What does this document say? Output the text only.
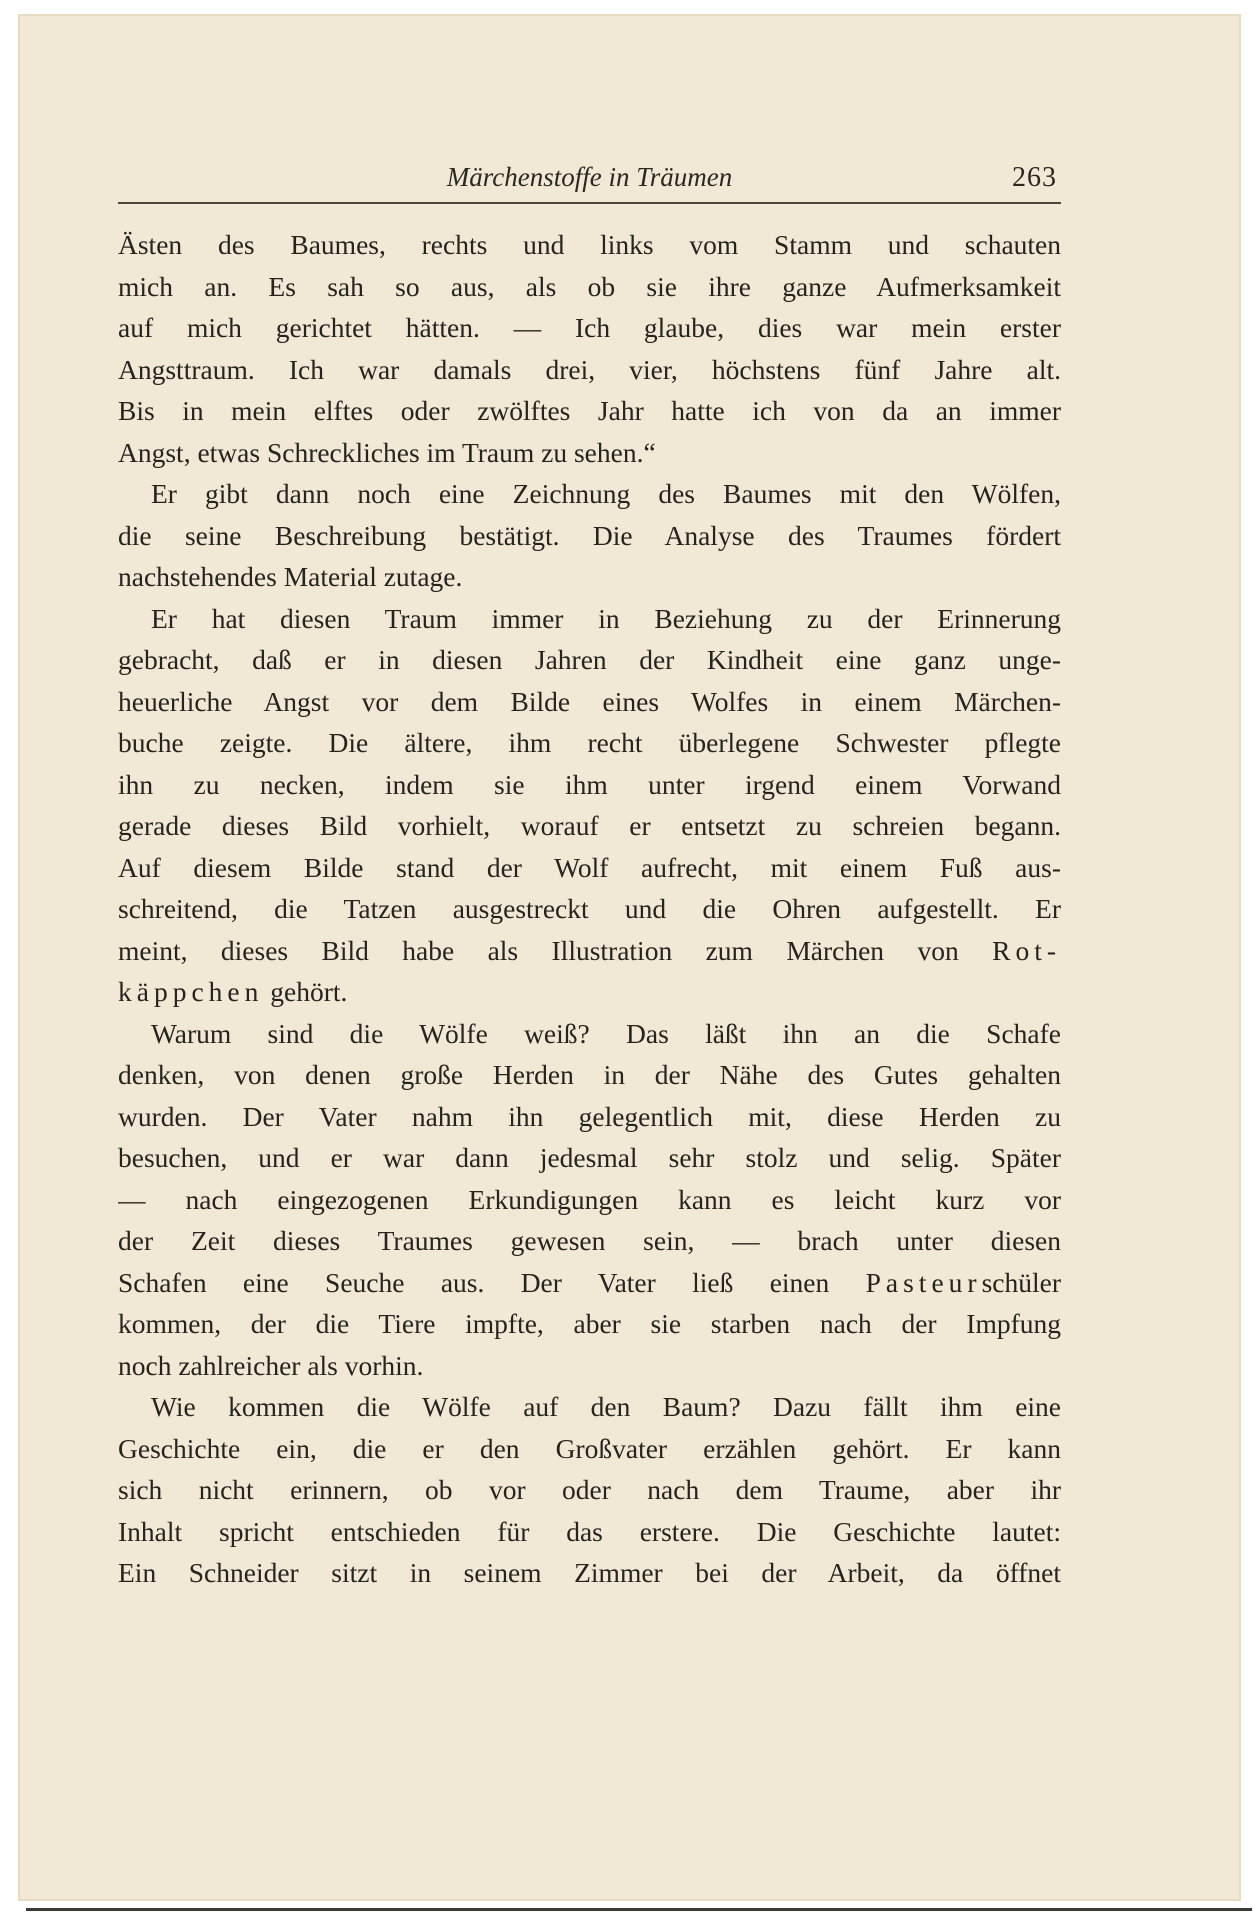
Märchenstoffe in Träumen	263
Ästen des Baumes, rechts und links vom Stamm und schauten
mich an. Es sah so aus, als ob sie ihre ganze Aufmerksamkeit
auf mich gerichtet hätten. — Ich glaube, dies war mein erster
Angsttraum. Ich war damals drei, vier, höchstens fünf Jahre alt.
Bis in mein elftes oder zwölftes Jahr hatte ich von da an immer
Angst, etwas Schreckliches im Traum zu sehen.“
Er gibt dann noch eine Zeichnung des Baumes mit den Wölfen,
die seine Beschreibung bestätigt. Die Analyse des Traumes fördert
nachstehendes Material zutage.
Er hat diesen Traum immer in Beziehung zu der Erinnerung
gebracht, daß er in diesen Jahren der Kindheit eine ganz unge-
heuerliche Angst vor dem Bilde eines Wolfes in einem Märchen-
buche zeigte. Die ältere, ihm recht überlegene Schwester pflegte
ihn zu necken, indem sie ihm unter irgend einem Vorwand
gerade dieses Bild vorhielt, worauf er entsetzt zu schreien begann.
Auf diesem Bilde stand der Wolf aufrecht, mit einem Fuß aus-
schreitend, die Tatzen ausgestreckt und die Ohren aufgestellt. Er
meint, dieses Bild habe als Illustration zum Märchen von Rot-
käppchen gehört.
Warum sind die Wölfe weiß? Das läßt ihn an die Schafe
denken, von denen große Herden in der Nähe des Gutes gehalten
wurden. Der Vater nahm ihn gelegentlich mit, diese Herden zu
besuchen, und er war dann jedesmal sehr stolz und selig. Später
— nach eingezogenen Erkundigungen kann es leicht kurz vor
der Zeit dieses Traumes gewesen sein, — brach unter diesen
Schafen eine Seuche aus. Der Vater ließ einen Pasteurschüler
kommen, der die Tiere impfte, aber sie starben nach der Impfung
noch zahlreicher als vorhin.
Wie kommen die Wölfe auf den Baum? Dazu fällt ihm eine
Geschichte ein, die er den Großvater erzählen gehört. Er kann
sich nicht erinnern, ob vor oder nach dem Traume, aber ihr
Inhalt spricht entschieden für das erstere. Die Geschichte lautet:
Ein Schneider sitzt in seinem Zimmer bei der Arbeit, da öffnet
